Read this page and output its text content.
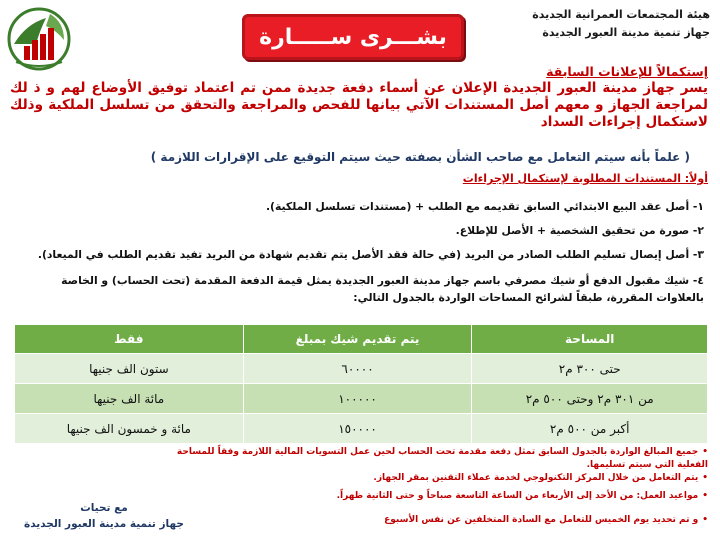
هيئة المجتمعات العمرانية الجديدة
جهاز تنمية مدينة العبور الجديدة
بشـــرى ســـــارة
إستكمالاً للإعلانات السابقة
يسر جهاز مدينة العبور الجديدة الإعلان عن أسماء دفعة جديدة ممن تم اعتماد توفيق الأوضاع لهم و ذ لك لمراجعة الجهاز و معهم أصل المستندات الآتي بيانها للفحص والمراجعة والتحقق من تسلسل الملكية وذلك لاستكمال إجراءات السداد
( علماً بأنه سيتم التعامل مع صاحب الشأن بصفته حيث سيتم التوقيع على الإقرارات اللازمة )
أولاً: المستندات المطلوبة لإستكمال الإجراءات
١- أصل عقد البيع الابتدائي السابق تقديمه مع الطلب + (مستندات تسلسل الملكية).
٢- صورة من تحقيق الشخصية + الأصل للإطلاع.
٣- أصل إيصال تسليم الطلب الصادر من البريد (في حالة فقد الأصل يتم تقديم شهادة من البريد تفيد تقديم الطلب في الميعاد).
٤- شيك مقبول الدفع أو شيك مصرفي باسم جهاز مدينة العبور الجديدة يمثل قيمة الدفعة المقدمة (تحت الحساب) و الخاصة بالعلاوات المقررة، طبقاً لشرائح المساحات الواردة بالجدول التالي:
المساحة	يتم تقديم شيك بمبلغ	فقط
حتى ٣٠٠ م٢	٦٠٠٠٠	ستون الف جنيها
من ٣٠١ م٢ وحتى ٥٠٠ م٢	١٠٠٠٠٠	مائة الف جنيها
أكبر من ٥٠٠ م٢	١٥٠٠٠٠	مائة و خمسون الف جنيها
•جميع المبالغ الواردة بالجدول السابق تمثل دفعة مقدمة تحت الحساب لحين عمل التسويات المالية اللازمة وفقاً للمساحة الفعلية التي سيتم تسليمها.
•يتم التعامل من خلال المركز التكنولوجي لخدمة عملاء التقنين بمقر الجهاز.
•مواعيد العمل: من الأحد إلى الأربعاء من الساعة التاسعة صباحاً و حتى الثانية ظهراً.
•و تم تحديد يوم الخميس للتعامل مع السادة المتخلفين عن نفس الأسبوع
مع تحيات
جهاز تنمية مدينة العبور الجديدة
